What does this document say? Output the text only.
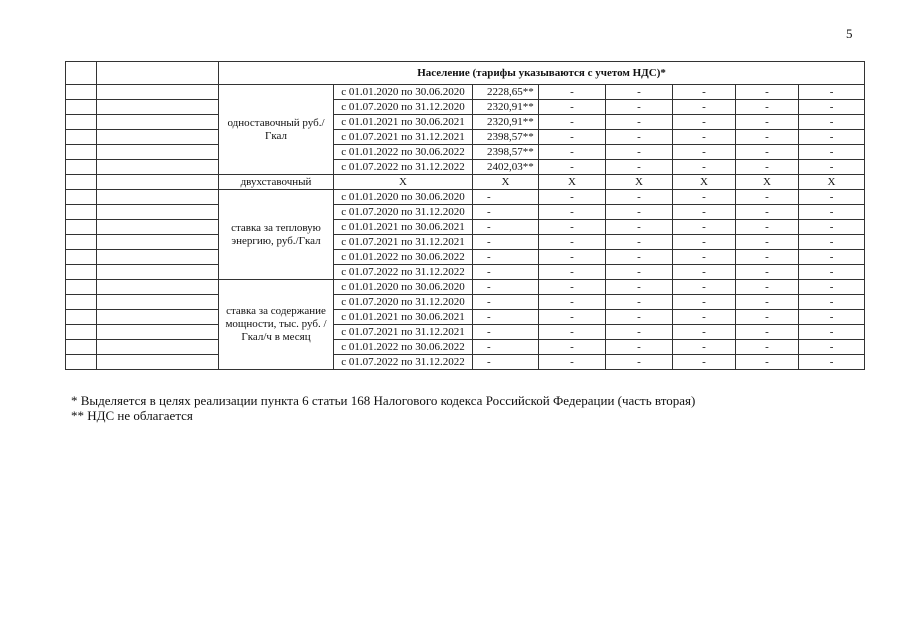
5
		Население (тарифы указываются с учетом НДС)*							
		одноставочный руб./Гкал	с 01.01.2020 по 30.06.2020	2228,65**	-	-	-	-	-
			с 01.07.2020 по 31.12.2020	2320,91**	-	-	-	-	-
			с 01.01.2021 по 30.06.2021	2320,91**	-	-	-	-	-
			с 01.07.2021 по 31.12.2021	2398,57**	-	-	-	-	-
			с 01.01.2022 по 30.06.2022	2398,57**	-	-	-	-	-
			с 01.07.2022 по 31.12.2022	2402,03**	-	-	-	-	-
		двухставочный	Х	Х	Х	Х	Х	Х	Х
		ставка за тепловую энергию, руб./Гкал	с 01.01.2020 по 30.06.2020	-	-	-	-	-	-
			с 01.07.2020 по 31.12.2020	-	-	-	-	-	-
			с 01.01.2021 по 30.06.2021	-	-	-	-	-	-
			с 01.07.2021 по 31.12.2021	-	-	-	-	-	-
			с 01.01.2022 по 30.06.2022	-	-	-	-	-	-
			с 01.07.2022 по 31.12.2022	-	-	-	-	-	-
		ставка за содержание мощности, тыс. руб. /Гкал/ч в месяц	с 01.01.2020 по 30.06.2020	-	-	-	-	-	-
			с 01.07.2020 по 31.12.2020	-	-	-	-	-	-
			с 01.01.2021 по 30.06.2021	-	-	-	-	-	-
			с 01.07.2021 по 31.12.2021	-	-	-	-	-	-
			с 01.01.2022 по 30.06.2022	-	-	-	-	-	-
			с 01.07.2022 по 31.12.2022	-	-	-	-	-	-
* Выделяется в целях реализации пункта 6 статьи 168 Налогового кодекса Российской Федерации (часть вторая)
** НДС не облагается
